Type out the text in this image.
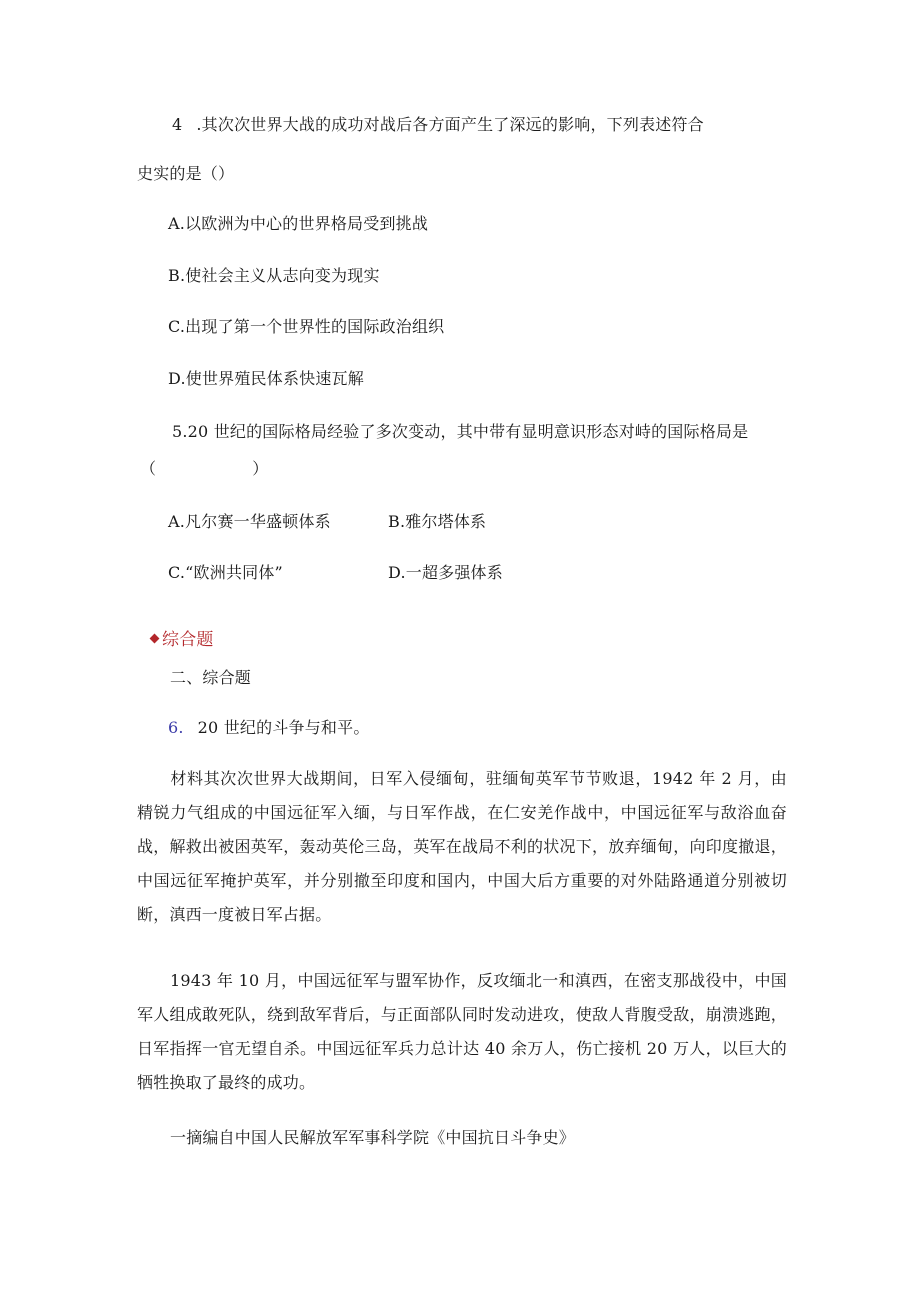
4 .其次次世界大战的成功对战后各方面产生了深远的影响，下列表述符合
史实的是（）
A.以欧洲为中心的世界格局受到挑战
B.使社会主义从志向变为现实
C.出现了第一个世界性的国际政治组织
D.使世界殖民体系快速瓦解
5.20 世纪的国际格局经验了多次变动，其中带有显明意识形态对峙的国际格局是
（	）
A.凡尔赛一华盛顿体系	B.雅尔塔体系
C.“欧洲共同体”	D.一超多强体系
综合题
二、综合题
6. 20 世纪的斗争与和平。
材料其次次世界大战期间，日军入侵缅甸，驻缅甸英军节节败退，1942 年 2 月，由精锐力气组成的中国远征军入缅，与日军作战，在仁安羌作战中，中国远征军与敌浴血奋战，解救出被困英军，轰动英伦三岛，英军在战局不利的状况下，放弃缅甸，向印度撤退，中国远征军掩护英军，并分别撤至印度和国内，中国大后方重要的对外陆路通道分别被切断，滇西一度被日军占据。
1943 年 10 月，中国远征军与盟军协作，反攻缅北一和滇西，在密支那战役中，中国军人组成敢死队，绕到敌军背后，与正面部队同时发动进攻，使敌人背腹受敌，崩溃逃跑，日军指挥一官无望自杀。中国远征军兵力总计达 40 余万人，伤亡接机 20 万人，以巨大的牺牲换取了最终的成功。
一摘编自中国人民解放军军事科学院《中国抗日斗争史》
